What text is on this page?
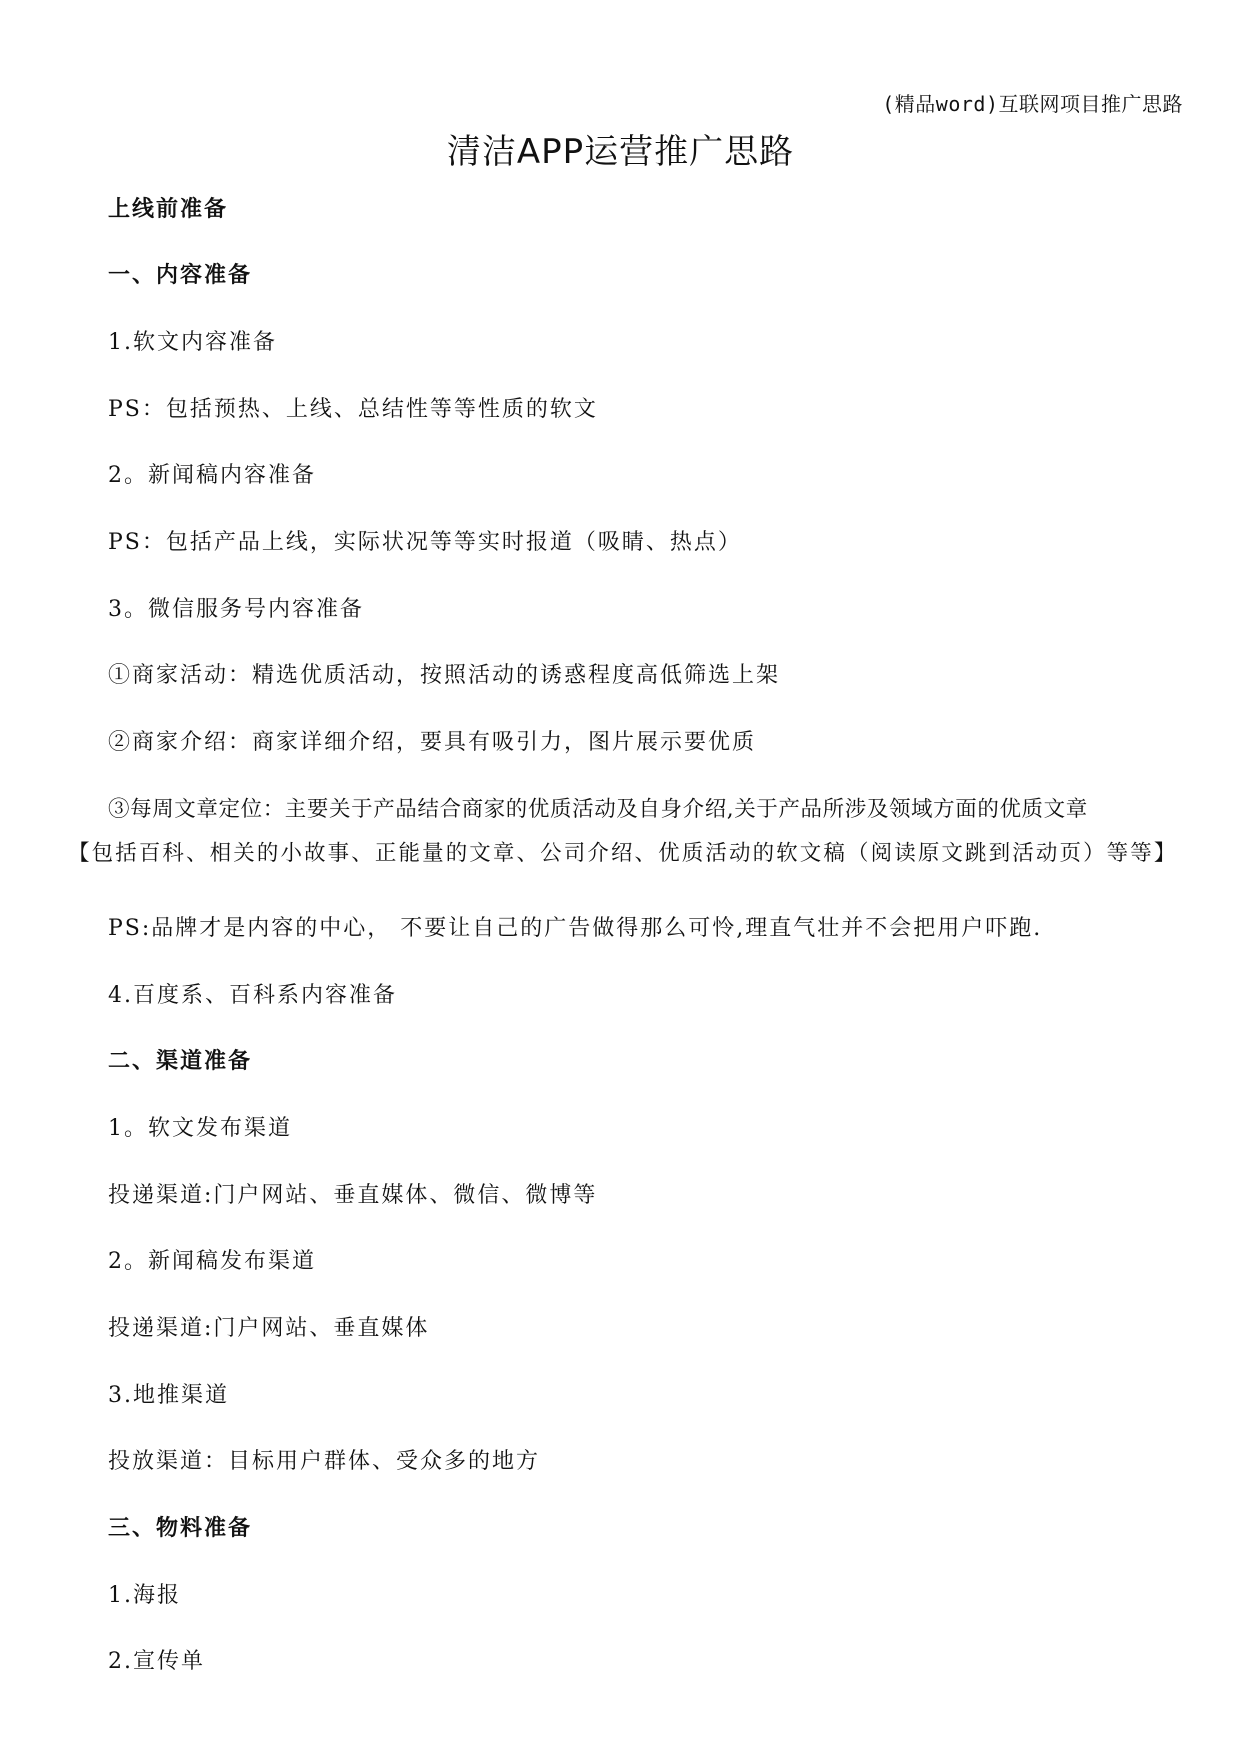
(精品word)互联网项目推广思路
清洁APP运营推广思路
上线前准备
一、内容准备
1.软文内容准备
PS：包括预热、上线、总结性等等性质的软文
2。新闻稿内容准备
PS：包括产品上线，实际状况等等实时报道（吸睛、热点）
3。微信服务号内容准备
①商家活动：精选优质活动，按照活动的诱惑程度高低筛选上架
②商家介绍：商家详细介绍，要具有吸引力，图片展示要优质
③每周文章定位：主要关于产品结合商家的优质活动及自身介绍,关于产品所涉及领域方面的优质文章
【包括百科、相关的小故事、正能量的文章、公司介绍、优质活动的软文稿（阅读原文跳到活动页）等等】
PS:品牌才是内容的中心， 不要让自己的广告做得那么可怜,理直气壮并不会把用户吓跑.
4.百度系、百科系内容准备
二、渠道准备
1。软文发布渠道
投递渠道:门户网站、垂直媒体、微信、微博等
2。新闻稿发布渠道
投递渠道:门户网站、垂直媒体
3.地推渠道
投放渠道：目标用户群体、受众多的地方
三、物料准备
1.海报
2.宣传单
